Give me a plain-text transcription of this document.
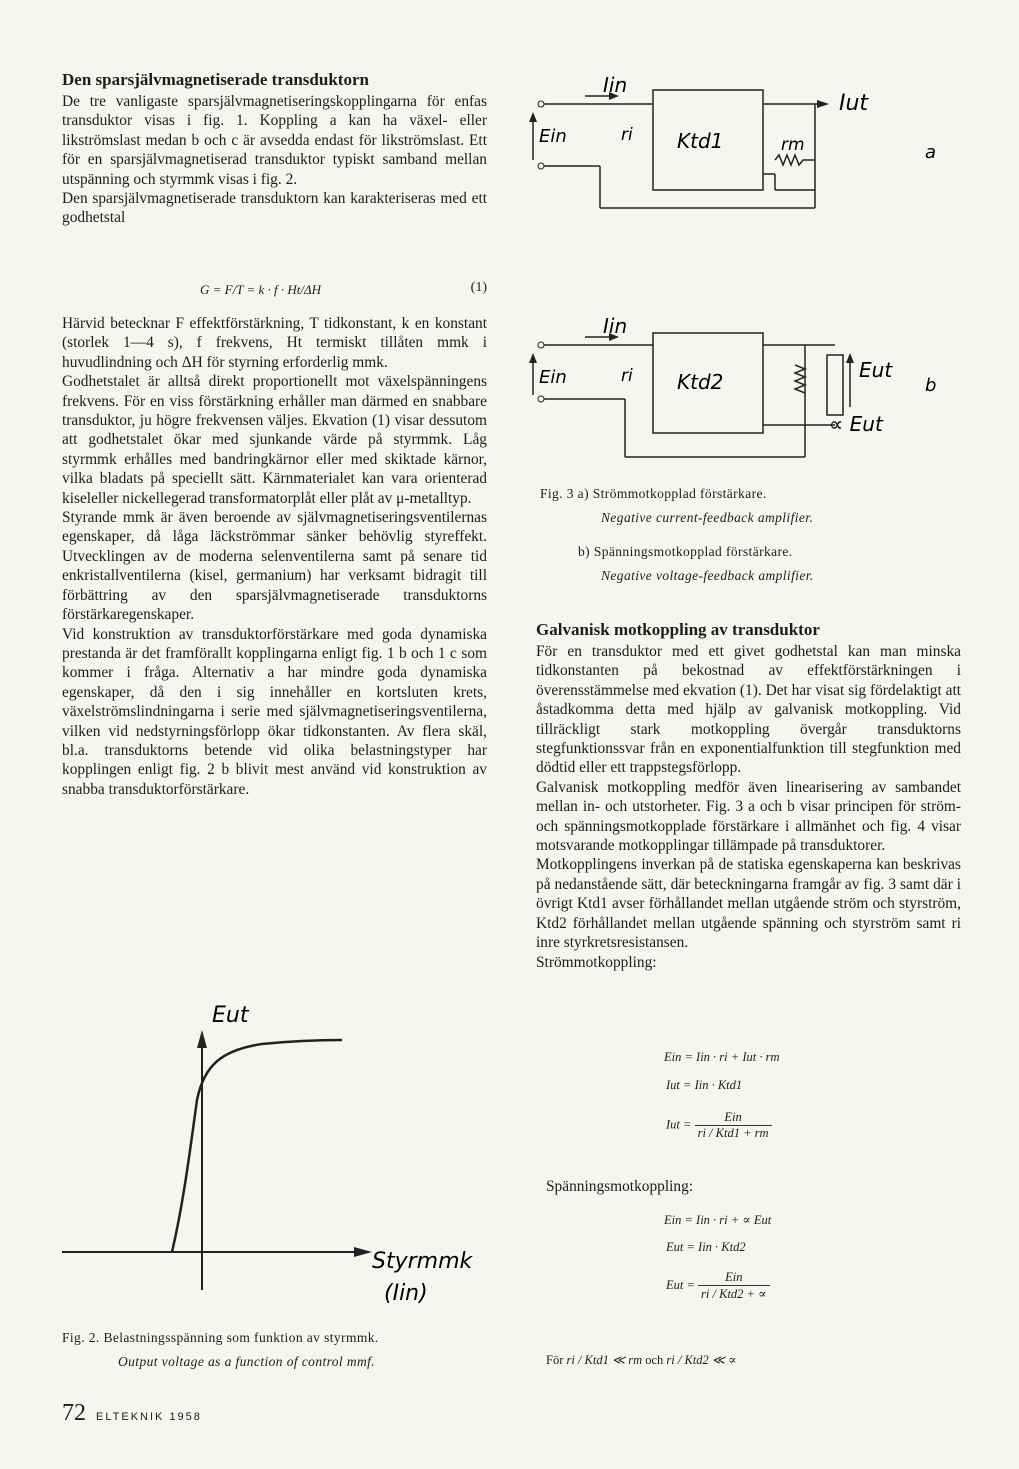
Den sparsjälvmagnetiserade transduktorn

De tre vanligaste sparsjälvmagnetiseringskopplingarna för enfas transduktor visas i fig. 1. Koppling a kan ha växel- eller likströmslast medan b och c är avsedda endast för likströmslast. Ett för en sparsjälvmagnetiserad transduktor typiskt samband mellan utspänning och styrmmk visas i fig. 2.

Den sparsjälvmagnetiserade transduktorn kan karakteriseras med ett godhetstal

G = F/T = k · f · Ht/ΔH	(1)

Härvid betecknar F effektförstärkning, T tidkonstant, k en konstant (storlek 1—4 s), f frekvens, Ht termiskt tillåten mmk i huvudlindning och ΔH för styrning erforderlig mmk.

Godhetstalet är alltså direkt proportionellt mot växelspänningens frekvens. För en viss förstärkning erhåller man därmed en snabbare transduktor, ju högre frekvensen väljes. Ekvation (1) visar dessutom att godhetstalet ökar med sjunkande värde på styrmmk. Låg styrmmk erhålles med bandringkärnor eller med skiktade kärnor, vilka bladats på speciellt sätt. Kärnmaterialet kan vara orienterad kiseleller nickellegerad transformatorplåt eller plåt av μ-metalltyp.

Styrande mmk är även beroende av självmagnetiseringsventilernas egenskaper, då låga läckströmmar sänker behövlig styreffekt. Utvecklingen av de moderna selenventilerna samt på senare tid enkristallventilerna (kisel, germanium) har verksamt bidragit till förbättring av den sparsjälvmagnetiserade transduktorns förstärkaregenskaper.

Vid konstruktion av transduktorförstärkare med goda dynamiska prestanda är det framförallt kopplingarna enligt fig. 1 b och 1 c som kommer i fråga. Alternativ a har mindre goda dynamiska egenskaper, då den i sig innehåller en kortsluten krets, växelströmslindningarna i serie med självmagnetiseringsventilerna, vilken vid nedstyrningsförlopp ökar tidkonstanten. Av flera skäl, bl.a. transduktorns betende vid olika belastningstyper har kopplingen enligt fig. 2 b blivit mest använd vid konstruktion av snabba transduktorförstärkare.

Eut
Styrmmk
(Iin)
Fig. 2. Belastningsspänning som funktion av styrmmk.
Output voltage as a function of control mmf.
Iin
Ein	ri Ktd1	rm
Iut
a
Iin
Ein	ri Ktd2	Eut
∝ Eut
b
Fig. 3 a) Strömmotkopplad förstärkare.
Negative current-feedback amplifier.
b) Spänningsmotkopplad förstärkare.
Negative voltage-feedback amplifier.
Galvanisk motkoppling av transduktor

För en transduktor med ett givet godhetstal kan man minska tidkonstanten på bekostnad av effektförstärkningen i överensstämmelse med ekvation (1). Det har visat sig fördelaktigt att åstadkomma detta med hjälp av galvanisk motkoppling. Vid tillräckligt stark motkoppling övergår transduktorns stegfunktionssvar från en exponentialfunktion till stegfunktion med dödtid eller ett trappstegsförlopp.

Galvanisk motkoppling medför även linearisering av sambandet mellan in- och utstorheter. Fig. 3 a och b visar principen för ström- och spänningsmotkopplade förstärkare i allmänhet och fig. 4 visar motsvarande motkopplingar tillämpade på transduktorer.

Motkopplingens inverkan på de statiska egenskaperna kan beskrivas på nedanstående sätt, där beteckningarna framgår av fig. 3 samt där i övrigt Ktd1 avser förhållandet mellan utgående ström och styrström, Ktd2 förhållandet mellan utgående spänning och styrström samt ri inre styrkretsresistansen.

Strömmotkoppling:

Ein = Iin · ri + Iut · rm
Iut = Iin · Ktd1
Iut = $\frac{\text{Ein}}{\text{ri / Ktd1 + rm}}$
Spänningsmotkoppling:
Ein = Iin · ri + ∝ Eut
Eut = Iin · Ktd2
Eut = $\frac{\text{Ein}}{\text{ri / Ktd2 + ∝}}$
För ri / Ktd1 ≪ rm och ri / Ktd2 ≪ ∝
72 ELTEKNIK 1958
